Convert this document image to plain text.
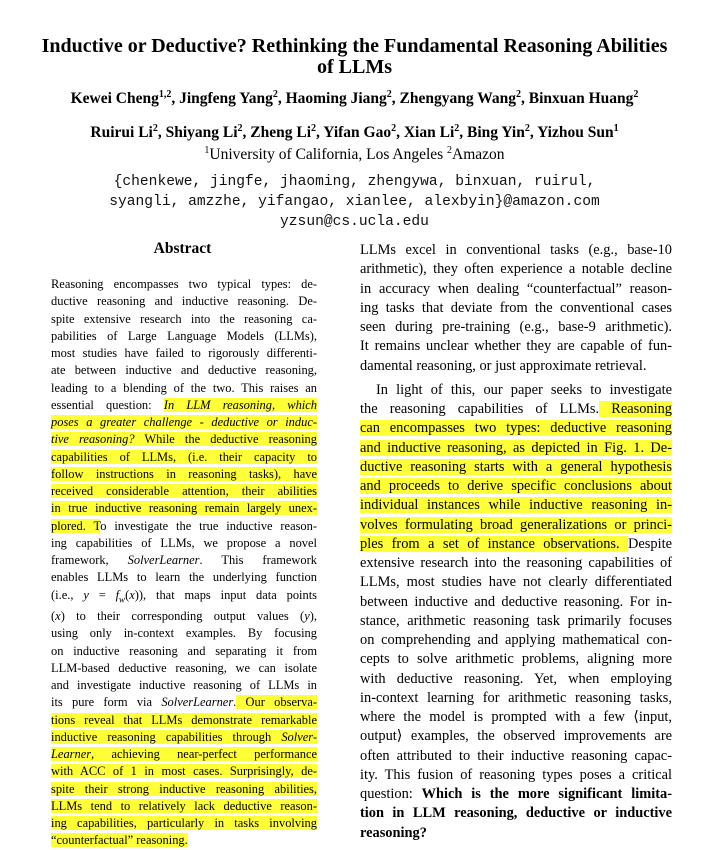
Inductive or Deductive? Rethinking the Fundamental Reasoning Abilities
of LLMs
Kewei Cheng$^{1,2}$, Jingfeng Yang$^2$, Haoming Jiang$^2$, Zhengyang Wang$^2$, Binxuan Huang$^2$
Ruirui Li$^2$, Shiyang Li$^2$, Zheng Li$^2$, Yifan Gao$^2$, Xian Li$^2$, Bing Yin$^2$, Yizhou Sun$^1$
$^1$University of California, Los Angeles $^2$Amazon
{chenkewe, jingfe, jhaoming, zhengywa, binxuan, ruirul,
syangli, amzzhe, yifangao, xianlee, alexbyin}@amazon.com
yzsun@cs.ucla.edu
Abstract
Reasoning encompasses two typical types: de-
ductive reasoning and inductive reasoning. De-
spite extensive research into the reasoning ca-
pabilities of Large Language Models (LLMs),
most studies have failed to rigorously differenti-
ate between inductive and deductive reasoning,
leading to a blending of the two. This raises an
essential question: In LLM reasoning, which
poses a greater challenge - deductive or induc-
tive reasoning? While the deductive reasoning
capabilities of LLMs, (i.e. their capacity to
follow instructions in reasoning tasks), have
received considerable attention, their abilities
in true inductive reasoning remain largely unex-
plored. To investigate the true inductive reason-
ing capabilities of LLMs, we propose a novel
framework, SolverLearner. This framework
enables LLMs to learn the underlying function
(i.e., $y = f_w(x)$), that maps input data points
(x) to their corresponding output values (y),
using only in-context examples. By focusing
on inductive reasoning and separating it from
LLM-based deductive reasoning, we can isolate
and investigate inductive reasoning of LLMs in
its pure form via SolverLearner. Our observa-
tions reveal that LLMs demonstrate remarkable
inductive reasoning capabilities through Solver-
Learner, achieving near-perfect performance
with ACC of 1 in most cases. Surprisingly, de-
spite their strong inductive reasoning abilities,
LLMs tend to relatively lack deductive reason-
ing capabilities, particularly in tasks involving
“counterfactual” reasoning.
LLMs excel in conventional tasks (e.g., base-10
arithmetic), they often experience a notable decline
in accuracy when dealing “counterfactual” reason-
ing tasks that deviate from the conventional cases
seen during pre-training (e.g., base-9 arithmetic).
It remains unclear whether they are capable of fun-
damental reasoning, or just approximate retrieval.
In light of this, our paper seeks to investigate
the reasoning capabilities of LLMs. Reasoning
can encompasses two types: deductive reasoning
and inductive reasoning, as depicted in Fig. 1. De-
ductive reasoning starts with a general hypothesis
and proceeds to derive specific conclusions about
individual instances while inductive reasoning in-
volves formulating broad generalizations or princi-
ples from a set of instance observations. Despite
extensive research into the reasoning capabilities of
LLMs, most studies have not clearly differentiated
between inductive and deductive reasoning. For in-
stance, arithmetic reasoning task primarily focuses
on comprehending and applying mathematical con-
cepts to solve arithmetic problems, aligning more
with deductive reasoning. Yet, when employing
in-context learning for arithmetic reasoning tasks,
where the model is prompted with a few ⟨input,
output⟩ examples, the observed improvements are
often attributed to their inductive reasoning capac-
ity. This fusion of reasoning types poses a critical
question: Which is the more significant limita-
tion in LLM reasoning, deductive or inductive
reasoning?
